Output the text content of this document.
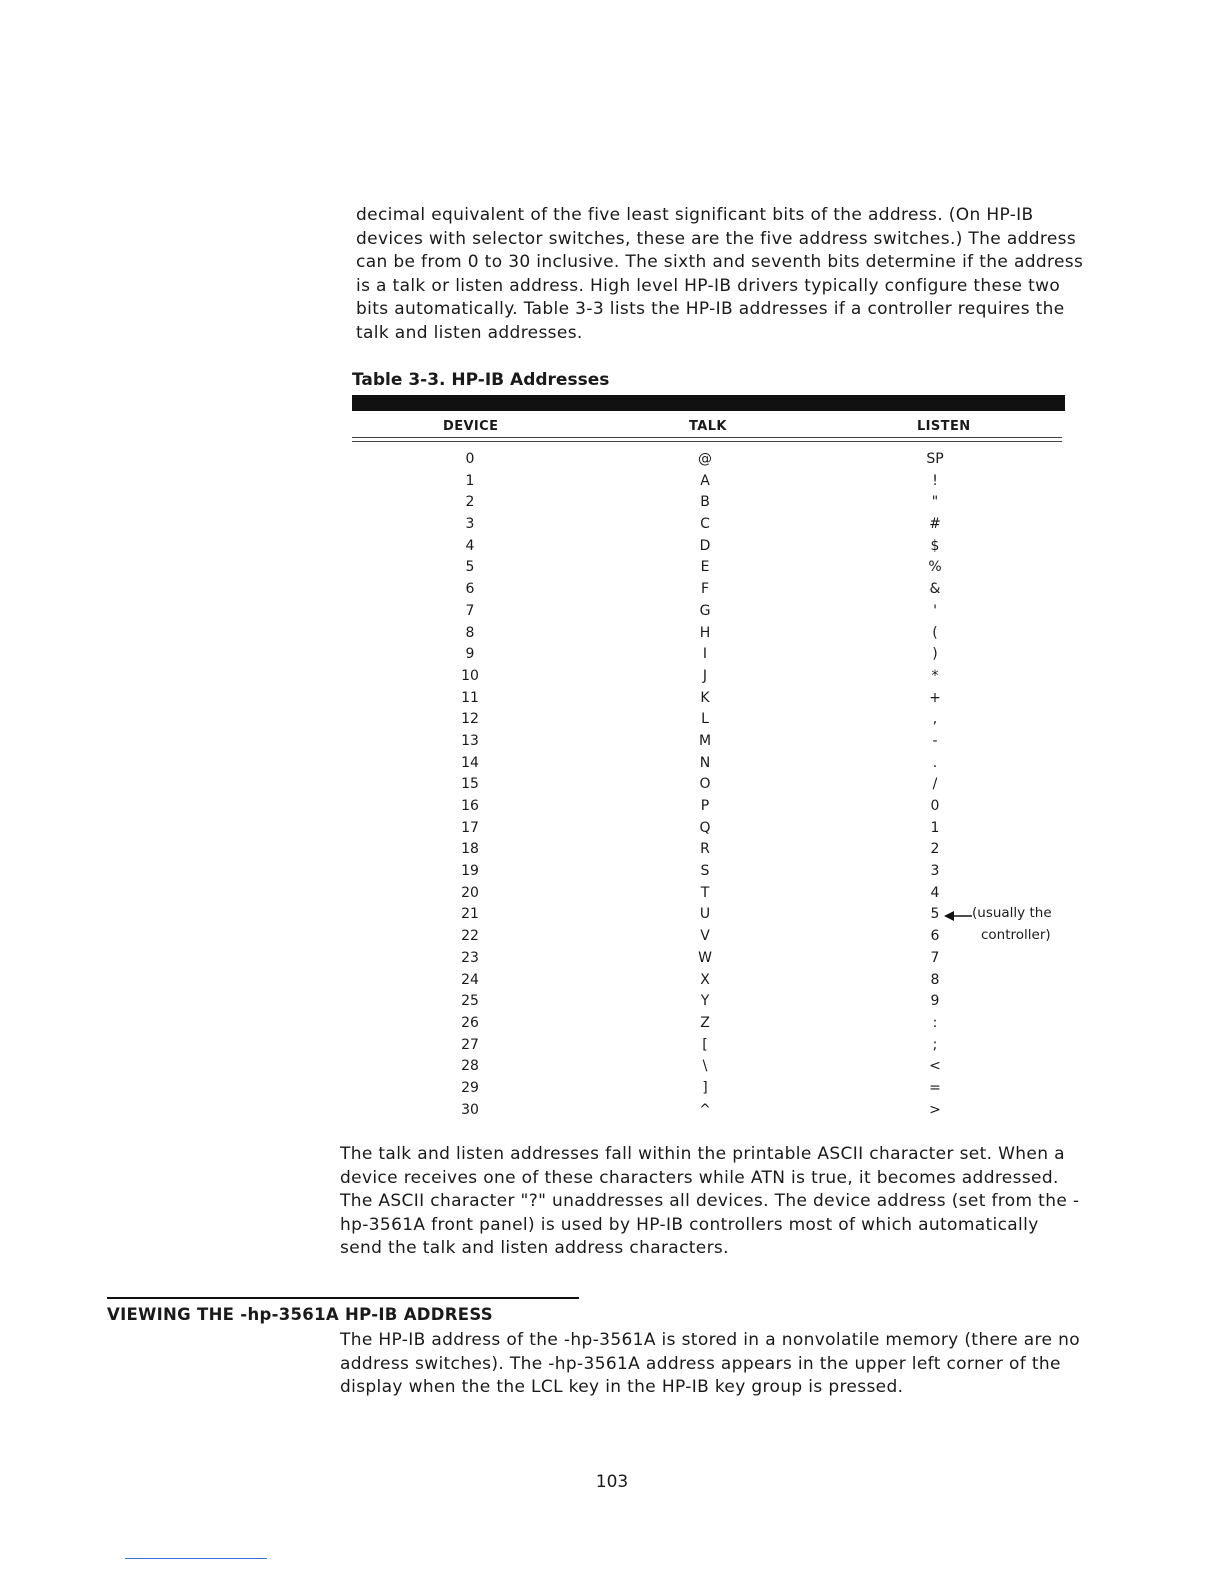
decimal equivalent of the five least significant bits of the address. (On HP-IB devices with selector switches, these are the five address switches.) The address can be from 0 to 30 inclusive. The sixth and seventh bits determine if the address is a talk or listen address. High level HP-IB drivers typically configure these two bits automatically. Table 3-3 lists the HP-IB addresses if a controller requires the talk and listen addresses.
Table 3-3. HP-IB Addresses
DEVICE	TALK	LISTEN
0
1
2
3
4
5
6
7
8
9
10
11
12
13
14
15
16
17
18
19
20
21
22
23
24
25
26
27
28
29
30
@
A
B
C
D
E
F
G
H
I
J
K
L
M
N
O
P
Q
R
S
T
U
V
W
X
Y
Z
[
\
]
^
SP
!
"
#
$
%
&
'
(
)
*
+
,
-
.
/
0
1
2
3
4
5
6
7
8
9
:
;
<
=
>
(usually the
controller)
The talk and listen addresses fall within the printable ASCII character set. When a device receives one of these characters while ATN is true, it becomes addressed. The ASCII character "?" unaddresses all devices. The device address (set from the -hp-3561A front panel) is used by HP-IB controllers most of which automatically send the talk and listen address characters.
VIEWING THE -hp-3561A HP-IB ADDRESS
The HP-IB address of the -hp-3561A is stored in a nonvolatile memory (there are no address switches). The -hp-3561A address appears in the upper left corner of the display when the the LCL key in the HP-IB key group is pressed.
103
